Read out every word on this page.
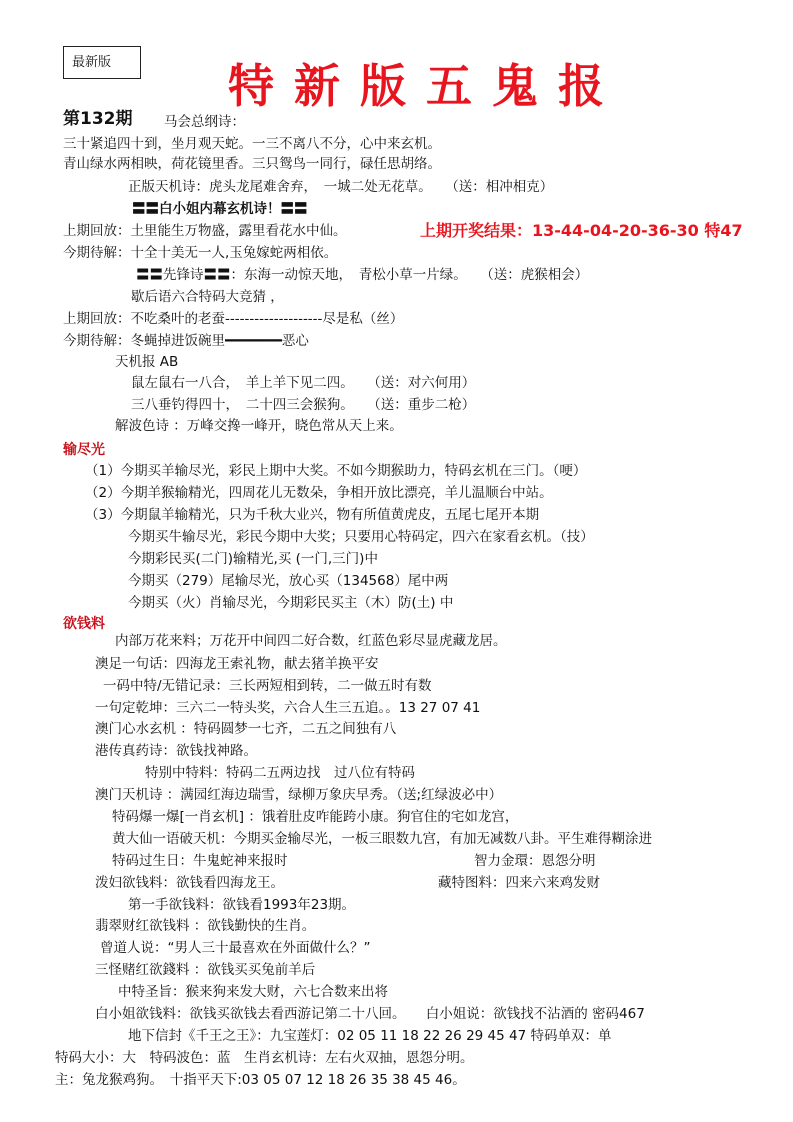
最新版	特新版五鬼报
第132期 马会总纲诗：
三十紧追四十到，坐月观天蛇。一三不离八不分，心中来玄机。
青山绿水两相映，荷花镜里香。三只鸳鸟一同行，碌任思胡络。
正版天机诗：虎头龙尾难舍弃，　一城二处无花草。　　（送：相冲相克）
〓〓白小姐内幕玄机诗！〓〓
上期回放：土里能生万物盛，露里看花水中仙。	上期开奖结果：13-44-04-20-36-30 特47
今期待解：十全十美无一人,玉兔嫁蛇两相依。
〓〓先锋诗〓〓：东海一动惊天地，　青松小草一片绿。　　（送：虎猴相会）
歇后语六合特码大竞猜 ，
上期回放：不吃桑叶的老蚕--------------------尽是私（丝）
今期待解：冬蝇掉进饭碗里━━━━━━━恶心
天机报 AB
鼠左鼠右一八合，　羊上羊下见二四。　　（送：对六何用）
三八垂钓得四十，　二十四三会猴狗。　　（送：重步二枪）
解波色诗 ：万峰交搀一峰开，晓色常从天上来。
输尽光
（1）今期买羊输尽光，彩民上期中大奖。不如今期猴助力，特码玄机在三门。（哽）
（2）今期羊猴输精光，四周花儿无数朵，争相开放比漂亮，羊儿温顺台中站。
（3）今期鼠羊输精光，只为千秋大业兴，物有所值黄虎皮，五尾七尾开本期
今期买牛输尽光，彩民今期中大奖；只要用心特码定，四六在家看玄机。（技）
今期彩民买(二门)输精光,买 (一门,三门)中
今期买（279）尾输尽光，放心买（134568）尾中两
今期买（火）肖输尽光，今期彩民买主（木）防(土) 中
欲钱料
内部万花来料；万花开中间四二好合数，红蓝色彩尽显虎藏龙居。
澳足一句话：四海龙王索礼物，献去猪羊换平安
一码中特/无错记录：三长两短相到转，二一做五时有数
一句定乾坤：三六二一特头奖，六合人生三五追。。13 27 07 41
澳门心水玄机 ：特码圆梦一七齐，二五之间独有八
港传真药诗：欲钱找神路。
特别中特料：特码二五两边找　过八位有特码
澳门天机诗 ：满园红海边瑞雪，绿柳万象庆早秀。（送;红绿波必中）
特码爆一爆[一肖玄机] ：饿着肚皮咋能跨小康。狗官住的宅如龙宫，
黄大仙一语破天机：今期买金输尽光，一板三眼数九宫，有加无减数八卦。平生难得糊涂进
特码过生日：牛鬼蛇神来报时	智力金環：恩怨分明
泼妇欲钱料：欲钱看四海龙王。	藏特图料：四来六来鸡发财
第一手欲钱料：欲钱看1993年23期。
翡翠财红欲钱料 ：欲钱勤快的生肖。
曾道人说：“男人三十最喜欢在外面做什么？”
三怪赌红欲錢料 ：欲钱买买兔前羊后
中特圣旨：猴来狗来发大财，六七合数来出将
白小姐欲钱料：欲钱买欲钱去看西游记第二十八回。　　白小姐说：欲钱找不沾酒的 密码467
地下信封《千王之王》：九宝莲灯：02 05 11 18 22 26 29 45 47 特码单双：单
特码大小：大　特码波色：蓝　生肖玄机诗：左右火双抽，恩怨分明。
主：兔龙猴鸡狗。　十指平天下:03 05 07 12 18 26 35 38 45 46。
